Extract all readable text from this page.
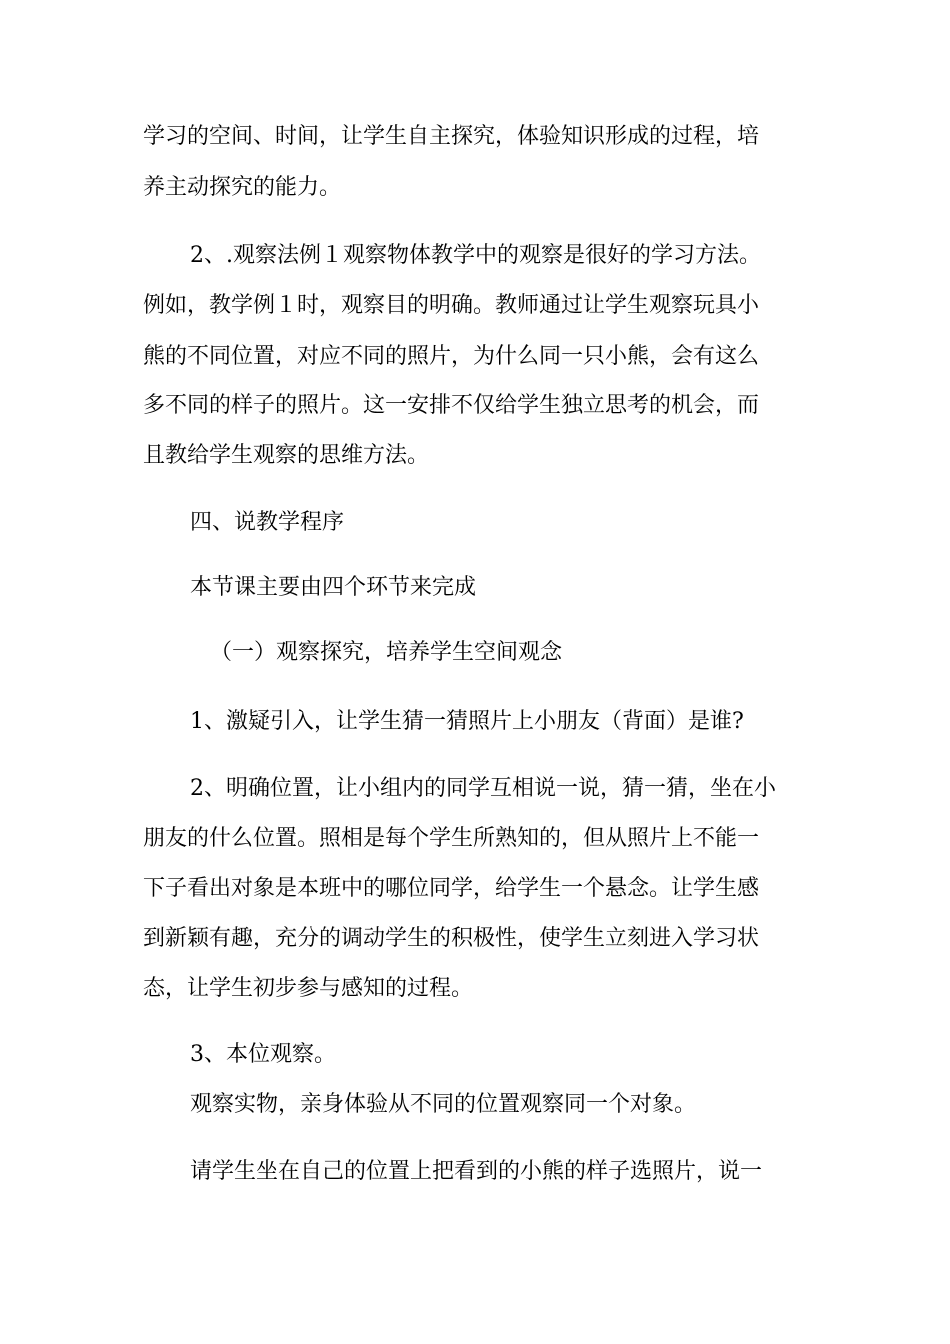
学习的空间、时间，让学生自主探究，体验知识形成的过程，培
养主动探究的能力。
2、.观察法例１观察物体教学中的观察是很好的学习方法。
例如，教学例１时，观察目的明确。教师通过让学生观察玩具小
熊的不同位置，对应不同的照片，为什么同一只小熊，会有这么
多不同的样子的照片。这一安排不仅给学生独立思考的机会，而
且教给学生观察的思维方法。
四、说教学程序
本节课主要由四个环节来完成
（一）观察探究，培养学生空间观念
1、激疑引入，让学生猜一猜照片上小朋友（背面）是谁?
2、明确位置，让小组内的同学互相说一说，猜一猜，坐在小
朋友的什么位置。照相是每个学生所熟知的，但从照片上不能一
下子看出对象是本班中的哪位同学，给学生一个悬念。让学生感
到新颖有趣，充分的调动学生的积极性，使学生立刻进入学习状
态，让学生初步参与感知的过程。
3、本位观察。
观察实物，亲身体验从不同的位置观察同一个对象。
请学生坐在自己的位置上把看到的小熊的样子选照片，说一
